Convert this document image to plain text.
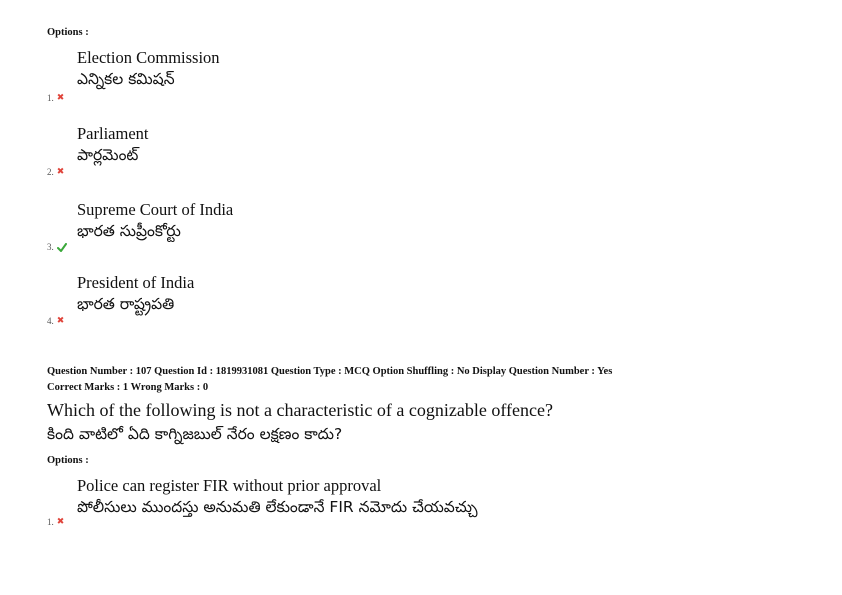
Options :
Election Commission
ఎన్నికల కమిషన్
1. ✖
Parliament
పార్లమెంట్
2. ✖
Supreme Court of India
భారత సుప్రీంకోర్టు
3.
President of India
భారత రాష్ట్రపతి
4. ✖
Question Number : 107 Question Id : 1819931081 Question Type : MCQ Option Shuffling : No Display Question Number : Yes
Correct Marks : 1 Wrong Marks : 0
Which of the following is not a characteristic of a cognizable offence?
కింది వాటిలో ఏది కాగ్నిజబుల్ నేరం లక్షణం కాదు?
Options :
Police can register FIR without prior approval
పోలీసులు ముందస్తు అనుమతి లేకుండానే FIR నమోదు చేయవచ్చు
1. ✖
